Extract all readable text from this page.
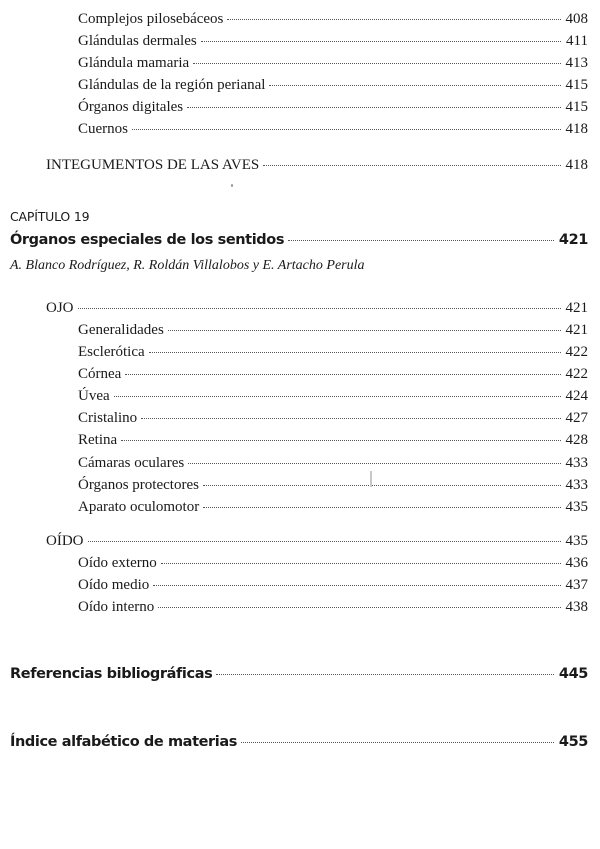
Complejos pilosebáceos	408
Glándulas dermales	411
Glándula mamaria	413
Glándulas de la región perianal	415
Órganos digitales	415
Cuernos	418
INTEGUMENTOS DE LAS AVES	418
CAPÍTULO 19
Órganos especiales de los sentidos	421
A. Blanco Rodríguez, R. Roldán Villalobos y E. Artacho Perula
OJO	421
Generalidades	421
Esclerótica	422
Córnea	422
Úvea	424
Cristalino	427
Retina	428
Cámaras oculares	433
Órganos protectores	433
Aparato oculomotor	435
OÍDO	435
Oído externo	436
Oído medio	437
Oído interno	438
Referencias bibliográficas	445
Índice alfabético de materias	455
